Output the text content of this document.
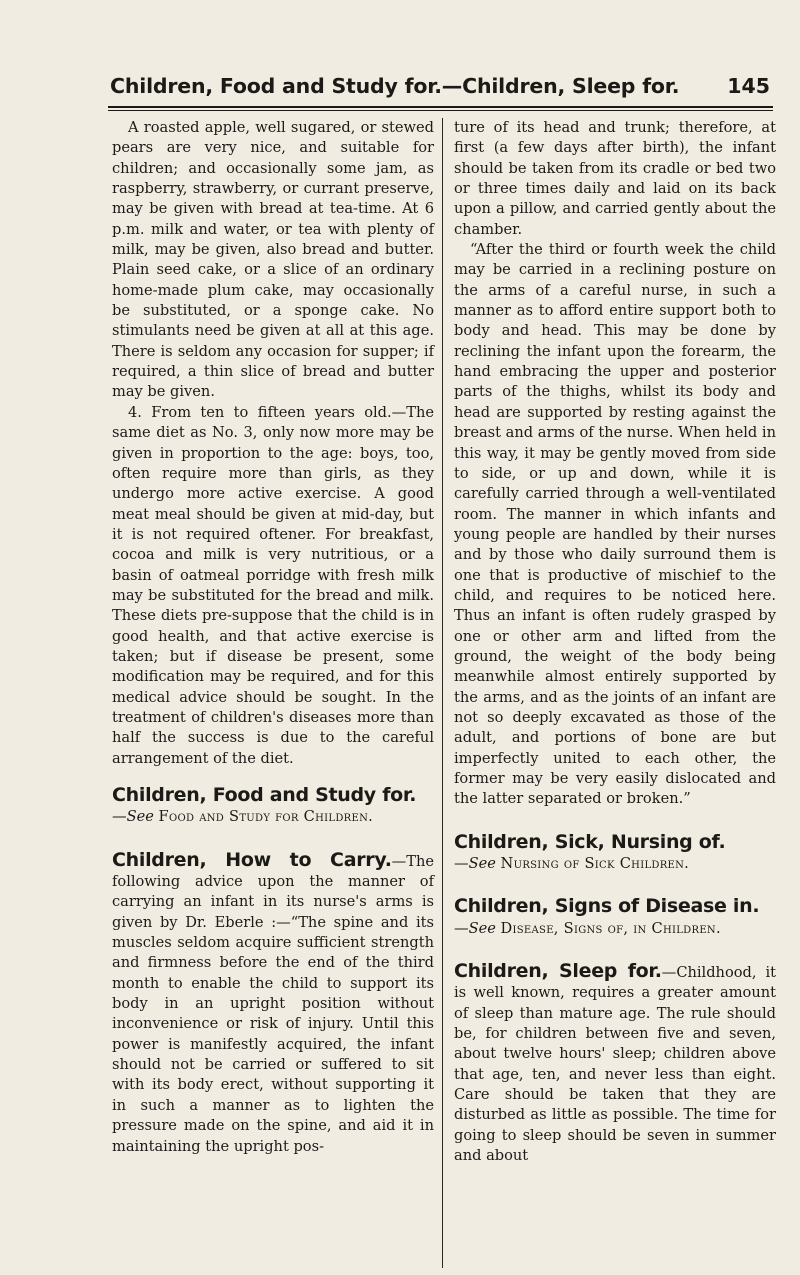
Children, Food and Study for.—Children, Sleep for. 145

A roasted apple, well sugared, or stewed pears are very nice, and suitable for children; and occasionally some jam, as raspberry, strawberry, or currant preserve, may be given with bread at tea-time. At 6 p.m. milk and water, or tea with plenty of milk, may be given, also bread and butter. Plain seed cake, or a slice of an ordinary home-made plum cake, may occasionally be substituted, or a sponge cake. No stimulants need be given at all at this age. There is seldom any occasion for supper; if required, a thin slice of bread and butter may be given.

4. From ten to fifteen years old.—The same diet as No. 3, only now more may be given in proportion to the age: boys, too, often require more than girls, as they undergo more active exercise. A good meat meal should be given at mid-day, but it is not required oftener. For breakfast, cocoa and milk is very nutritious, or a basin of oatmeal porridge with fresh milk may be substituted for the bread and milk. These diets pre-suppose that the child is in good health, and that active exercise is taken; but if disease be present, some modification may be required, and for this medical advice should be sought. In the treatment of children's diseases more than half the success is due to the careful arrangement of the diet.

Children, Food and Study for.
—See Food and Study for Children.

Children, How to Carry.—The following advice upon the manner of carrying an infant in its nurse's arms is given by Dr. Eberle :—“The spine and its muscles seldom acquire sufficient strength and firmness before the end of the third month to enable the child to support its body in an upright position without inconvenience or risk of injury. Until this power is manifestly acquired, the infant should not be carried or suffered to sit with its body erect, without supporting it in such a manner as to lighten the pressure made on the spine, and aid it in maintaining the upright pos-

ture of its head and trunk; therefore, at first (a few days after birth), the infant should be taken from its cradle or bed two or three times daily and laid on its back upon a pillow, and carried gently about the chamber.

“After the third or fourth week the child may be carried in a reclining posture on the arms of a careful nurse, in such a manner as to afford entire support both to body and head. This may be done by reclining the infant upon the forearm, the hand embracing the upper and posterior parts of the thighs, whilst its body and head are supported by resting against the breast and arms of the nurse. When held in this way, it may be gently moved from side to side, or up and down, while it is carefully carried through a well-ventilated room. The manner in which infants and young people are handled by their nurses and by those who daily surround them is one that is productive of mischief to the child, and requires to be noticed here. Thus an infant is often rudely grasped by one or other arm and lifted from the ground, the weight of the body being meanwhile almost entirely supported by the arms, and as the joints of an infant are not so deeply excavated as those of the adult, and portions of bone are but imperfectly united to each other, the former may be very easily dislocated and the latter separated or broken.”

Children, Sick, Nursing of.
—See Nursing of Sick Children.
Children, Signs of Disease in.
—See Disease, Signs of, in Children.

Children, Sleep for.—Childhood, it is well known, requires a greater amount of sleep than mature age. The rule should be, for children between five and seven, about twelve hours' sleep; children above that age, ten, and never less than eight. Care should be taken that they are disturbed as little as possible. The time for going to sleep should be seven in summer and about
